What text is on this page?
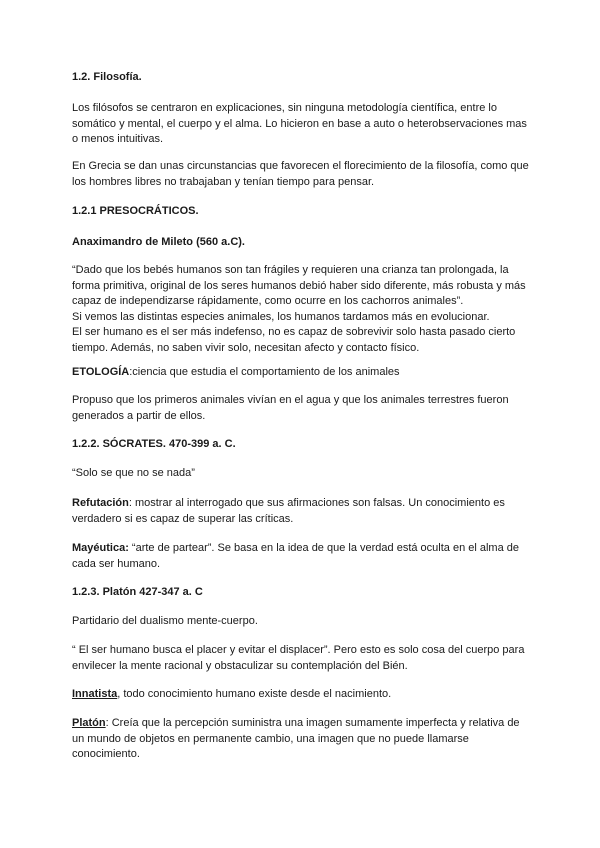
1.2. Filosofía.

Los filósofos se centraron en explicaciones, sin ninguna metodología científica, entre lo somático y mental, el cuerpo y el alma. Lo hicieron en base a auto o heterobservaciones mas o menos intuitivas.

En Grecia se dan unas circunstancias que favorecen el florecimiento de la filosofía, como que los hombres libres no trabajaban y tenían tiempo para pensar.

1.2.1 PRESOCRÁTICOS.

Anaximandro de Mileto (560 a.C).

“Dado que los bebés humanos son tan frágiles y requieren una crianza tan prolongada, la forma primitiva, original de los seres humanos debió haber sido diferente, más robusta y más capaz de independizarse rápidamente, como ocurre en los cachorros animales”.
Si vemos las distintas especies animales, los humanos tardamos más en evolucionar.
El ser humano es el ser más indefenso, no es capaz de sobrevivir solo hasta pasado cierto tiempo. Además, no saben vivir solo, necesitan afecto y contacto físico.

ETOLOGÍA:ciencia que estudia el comportamiento de los animales

Propuso que los primeros animales vivían en el agua y que los animales terrestres fueron generados a partir de ellos.

1.2.2. SÓCRATES. 470-399 a. C.

“Solo se que no se nada”

Refutación: mostrar al interrogado que sus afirmaciones son falsas. Un conocimiento es verdadero si es capaz de superar las críticas.

Mayéutica: “arte de partear”. Se basa en la idea de que la verdad está oculta en el alma de cada ser humano.

1.2.3. Platón 427-347 a. C

Partidario del dualismo mente-cuerpo.

“ El ser humano busca el placer y evitar el displacer”. Pero esto es solo cosa del cuerpo para envilecer la mente racional y obstaculizar su contemplación del Bién.

Innatista, todo conocimiento humano existe desde el nacimiento.

Platón: Creía que la percepción suministra una imagen sumamente imperfecta y relativa de un mundo de objetos en permanente cambio, una imagen que no puede llamarse conocimiento.
